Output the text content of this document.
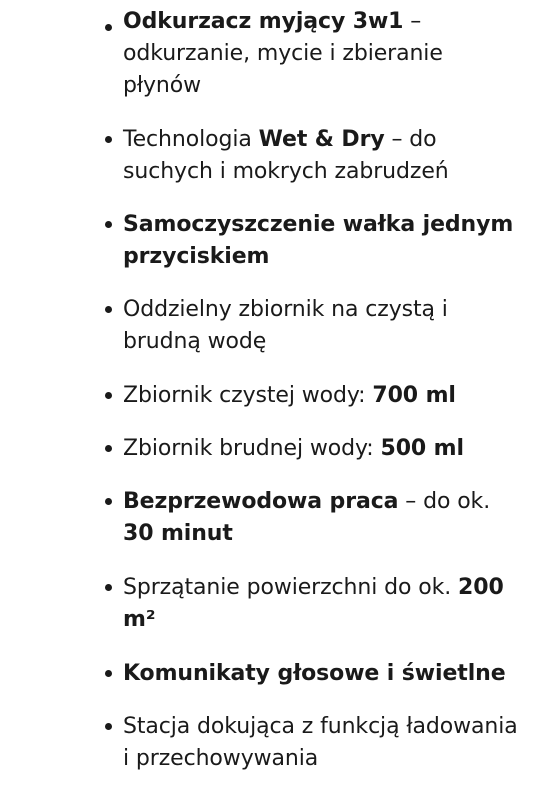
Odkurzacz myjący 3w1 – odkurzanie, mycie i zbieranie płynów
Technologia Wet & Dry – do suchych i mokrych zabrudzeń
Samoczyszczenie wałka jednym przyciskiem
Oddzielny zbiornik na czystą i brudną wodę
Zbiornik czystej wody: 700 ml
Zbiornik brudnej wody: 500 ml
Bezprzewodowa praca – do ok. 30 minut
Sprzątanie powierzchni do ok. 200 m²
Komunikaty głosowe i świetlne
Stacja dokująca z funkcją ładowania i przechowywania
